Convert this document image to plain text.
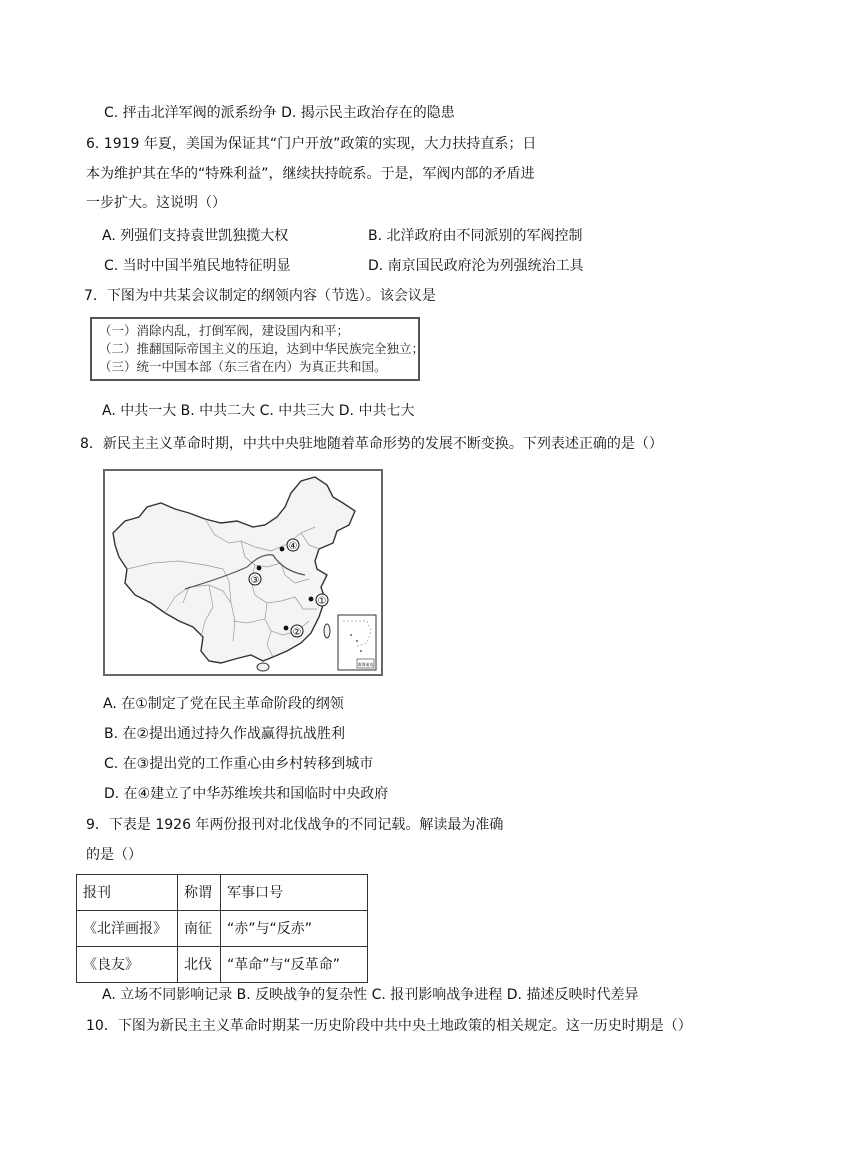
C. 抨击北洋军阀的派系纷争 D. 揭示民主政治存在的隐患
6. 1919 年夏，美国为保证其“门户开放”政策的实现，大力扶持直系；日
本为维护其在华的“特殊利益”，继续扶持皖系。于是，军阀内部的矛盾进
一步扩大。这说明（）
A. 列强们支持袁世凯独揽大权	B. 北洋政府由不同派别的军阀控制
C. 当时中国半殖民地特征明显	D. 南京国民政府沦为列强统治工具
7．下图为中共某会议制定的纲领内容（节选）。该会议是
（一）消除内乱，打倒军阀，建设国内和平；
（二）推翻国际帝国主义的压迫，达到中华民族完全独立；
（三）统一中国本部（东三省在内）为真正共和国。
A. 中共一大 B. 中共二大 C. 中共三大 D. 中共七大
8．新民主主义革命时期，中共中央驻地随着革命形势的发展不断变换。下列表述正确的是（）
①
②
③
④
南海诸岛
A. 在①制定了党在民主革命阶段的纲领
B. 在②提出通过持久作战赢得抗战胜利
C. 在③提出党的工作重心由乡村转移到城市
D. 在④建立了中华苏维埃共和国临时中央政府
9．下表是 1926 年两份报刊对北伐战争的不同记载。解读最为准确
的是（）
报刊	称谓	军事口号
《北洋画报》	南征	“赤”与“反赤”
《良友》	北伐	“革命”与“反革命”
A. 立场不同影响记录 B. 反映战争的复杂性 C. 报刊影响战争进程 D. 描述反映时代差异
10．下图为新民主主义革命时期某一历史阶段中共中央土地政策的相关规定。这一历史时期是（）
